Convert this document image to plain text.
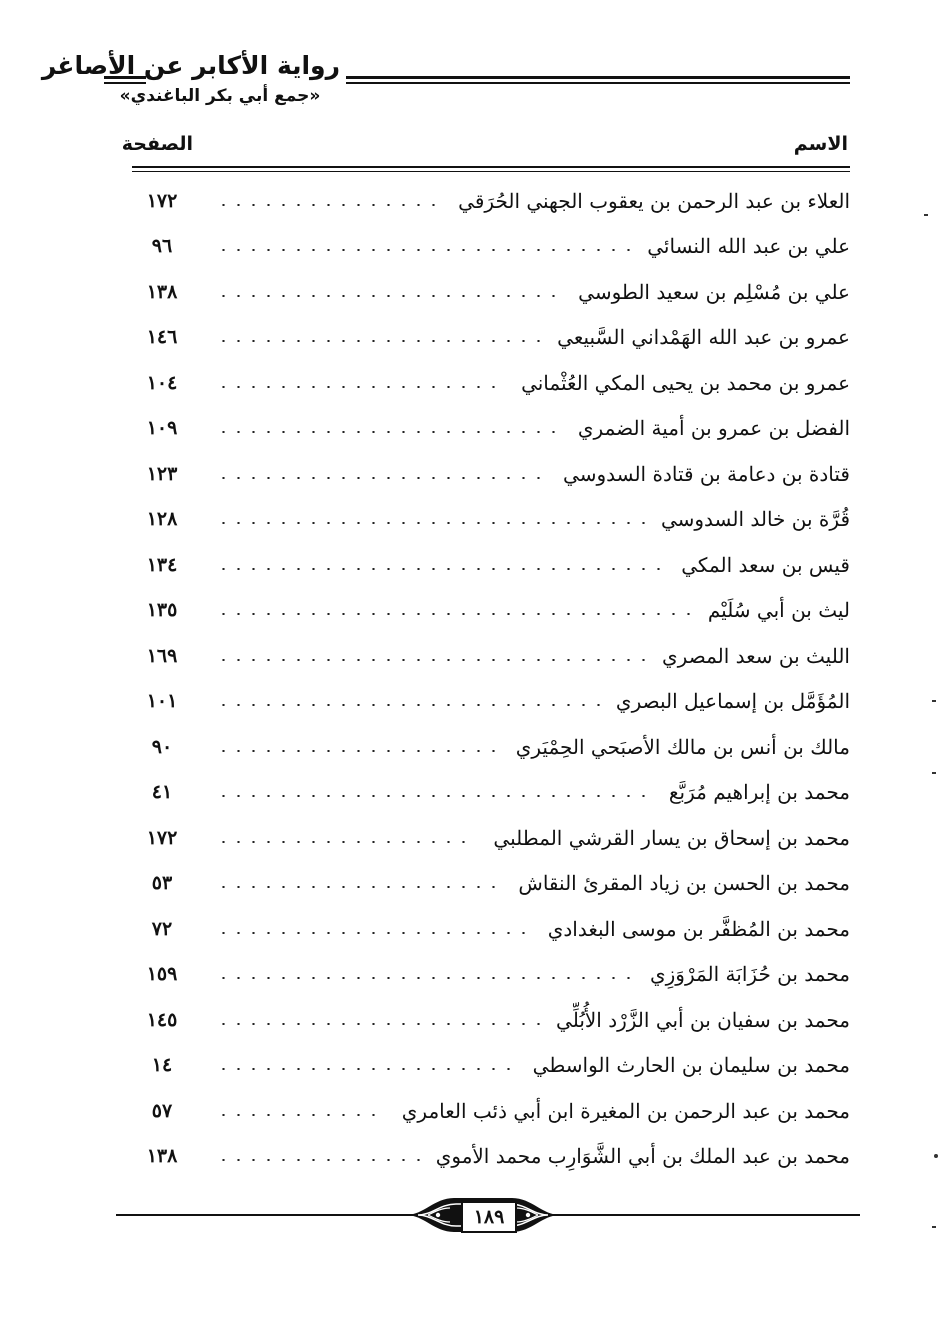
رواية الأكابر عن الأصاغر
«جمع أبي بكر الباغندي»
الاسم
الصفحة
العلاء بن عبد الرحمن بن يعقوب الجهني الحُرَقي
١٧٢
علي بن عبد الله النسائي
٩٦
علي بن مُسْلِم بن سعيد الطوسي
١٣٨
عمرو بن عبد الله الهَمْداني السَّبيعي
١٤٦
عمرو بن محمد بن يحيى المكي العُثْماني
١٠٤
الفضل بن عمرو بن أمية الضمري
١٠٩
قتادة بن دعامة بن قتادة السدوسي
١٢٣
قُرَّة بن خالد السدوسي
١٢٨
قيس بن سعد المكي
١٣٤
ليث بن أبي سُلَيْم
١٣٥
الليث بن سعد المصري
١٦٩
المُؤَمَّل بن إسماعيل البصري
١٠١
مالك بن أنس بن مالك الأصبَحي الحِمْيَري
٩٠
محمد بن إبراهيم مُرَبَّع
٤١
محمد بن إسحاق بن يسار القرشي المطلبي
١٧٢
محمد بن الحسن بن زياد المقرئ النقاش
٥٣
محمد بن المُظفَّر بن موسى البغدادي
٧٢
محمد بن حُزَابَة المَرْوَزِي
١٥٩
محمد بن سفيان بن أبي الزَّرْد الأُبُلِّي
١٤٥
محمد بن سليمان بن الحارث الواسطي
١٤
محمد بن عبد الرحمن بن المغيرة ابن أبي ذئب العامري
٥٧
محمد بن عبد الملك بن أبي الشَّوَارِب محمد الأموي
١٣٨
١٨٩
